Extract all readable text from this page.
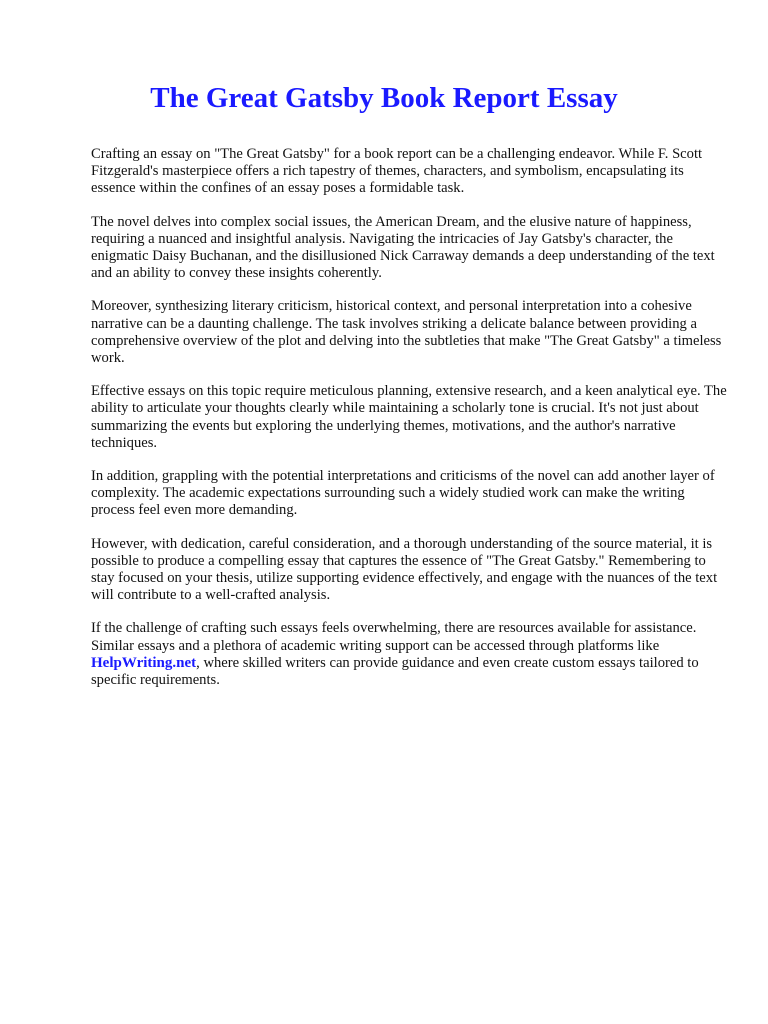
The Great Gatsby Book Report Essay

Crafting an essay on "The Great Gatsby" for a book report can be a challenging endeavor. While F. Scott Fitzgerald's masterpiece offers a rich tapestry of themes, characters, and symbolism, encapsulating its essence within the confines of an essay poses a formidable task.

The novel delves into complex social issues, the American Dream, and the elusive nature of happiness, requiring a nuanced and insightful analysis. Navigating the intricacies of Jay Gatsby's character, the enigmatic Daisy Buchanan, and the disillusioned Nick Carraway demands a deep understanding of the text and an ability to convey these insights coherently.

Moreover, synthesizing literary criticism, historical context, and personal interpretation into a cohesive narrative can be a daunting challenge. The task involves striking a delicate balance between providing a comprehensive overview of the plot and delving into the subtleties that make "The Great Gatsby" a timeless work.

Effective essays on this topic require meticulous planning, extensive research, and a keen analytical eye. The ability to articulate your thoughts clearly while maintaining a scholarly tone is crucial. It's not just about summarizing the events but exploring the underlying themes, motivations, and the author's narrative techniques.

In addition, grappling with the potential interpretations and criticisms of the novel can add another layer of complexity. The academic expectations surrounding such a widely studied work can make the writing process feel even more demanding.

However, with dedication, careful consideration, and a thorough understanding of the source material, it is possible to produce a compelling essay that captures the essence of "The Great Gatsby." Remembering to stay focused on your thesis, utilize supporting evidence effectively, and engage with the nuances of the text will contribute to a well-crafted analysis.

If the challenge of crafting such essays feels overwhelming, there are resources available for assistance. Similar essays and a plethora of academic writing support can be accessed through platforms like HelpWriting.net, where skilled writers can provide guidance and even create custom essays tailored to specific requirements.
